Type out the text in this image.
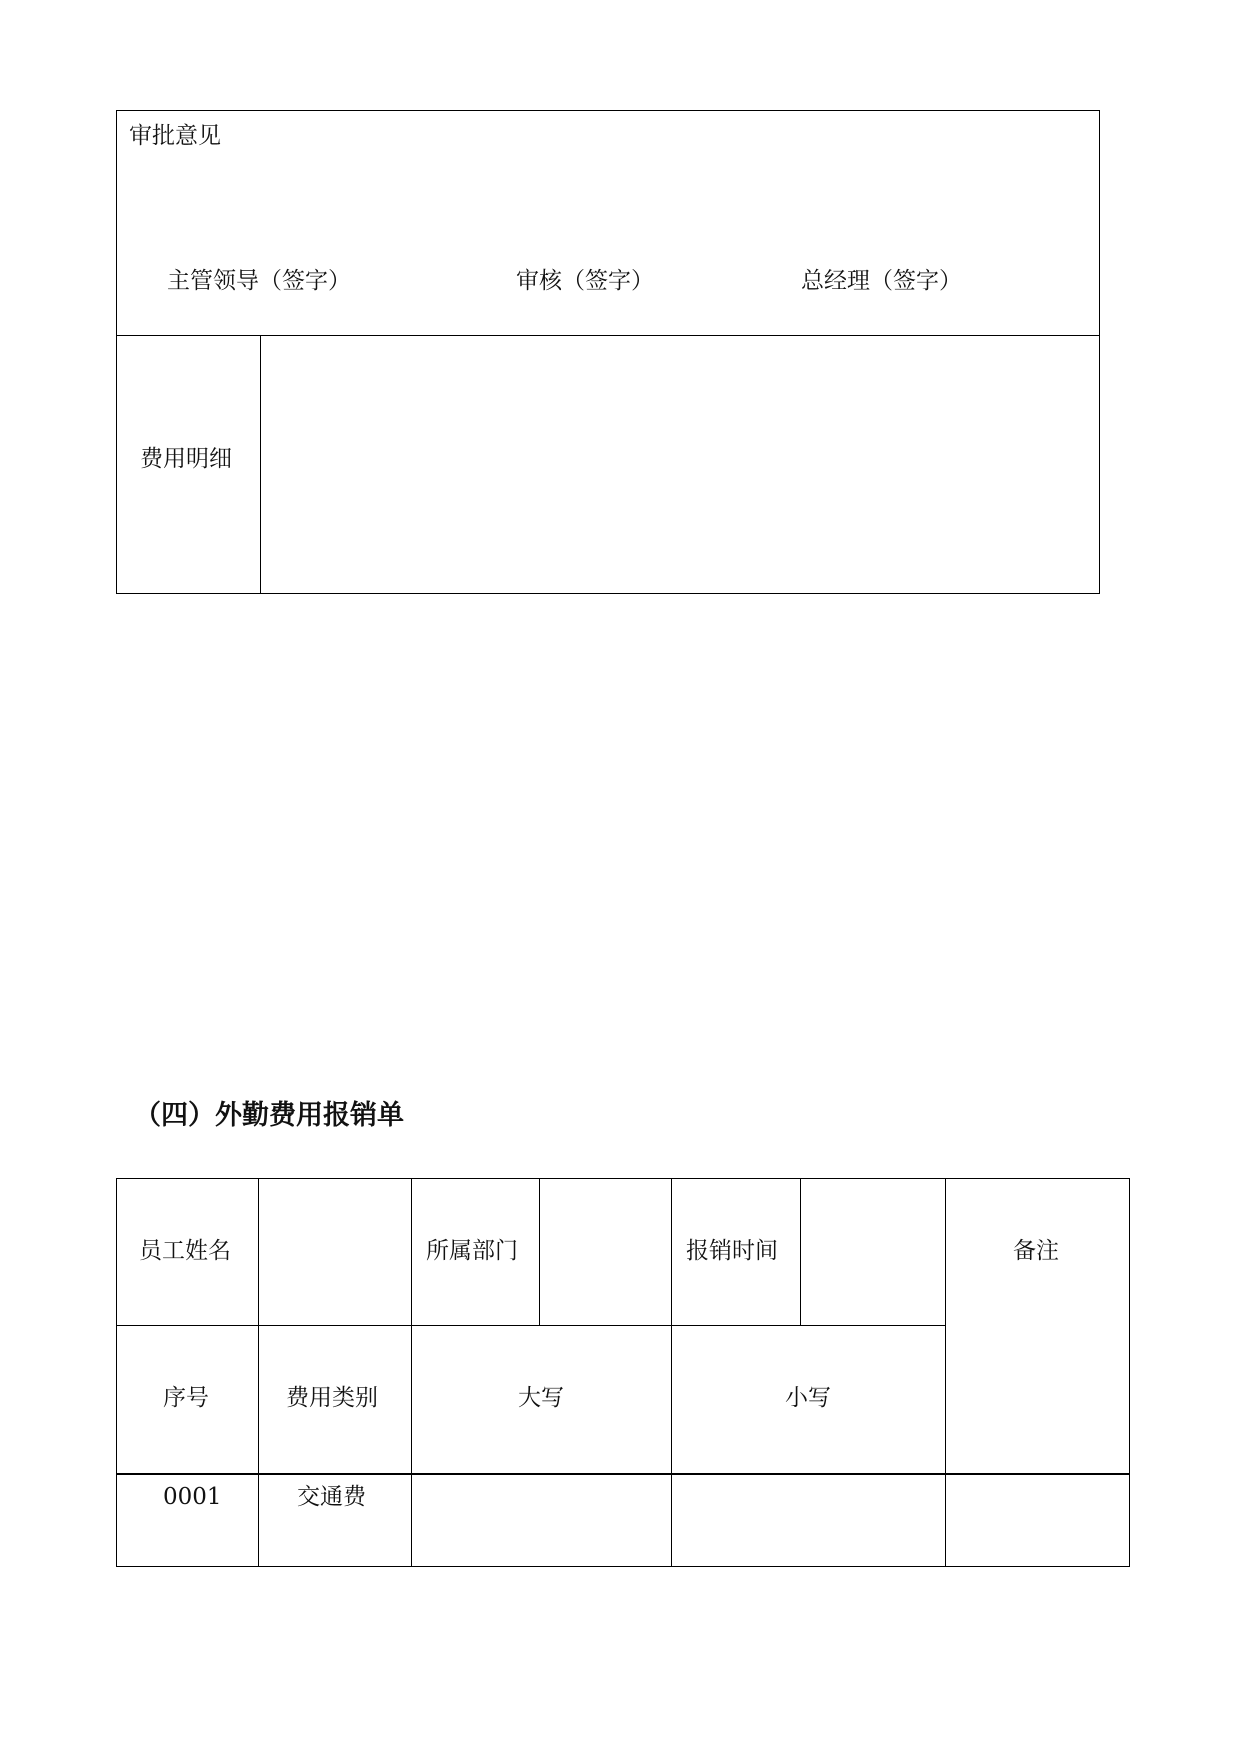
审批意见
主管领导（签字）	审核（签字）	总经理（签字）
费用明细
（四）外勤费用报销单
员工姓名	所属部门	报销时间	备注
序号	费用类别	大写	小写
0001	交通费
